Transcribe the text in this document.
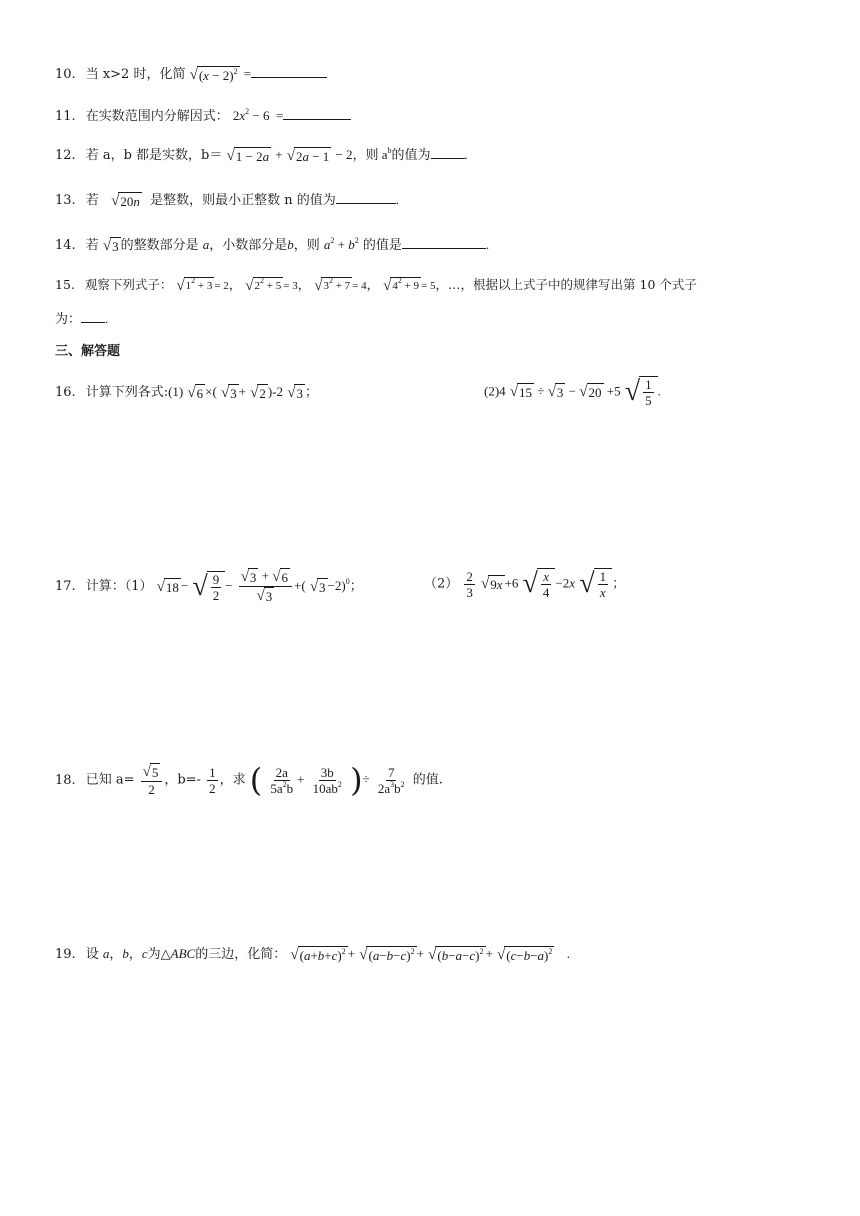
10. 当 x>2 时，化简 √ $(x - 2)^2$ =
11. 在实数范围内分解因式： $2x^2 - 6$  =
12. 若 a，b 都是实数，b＝ √ 1 − 2a + √ 2a − 1 − 2，则 $a^b$的值为	.
13. 若 √ 20n 是整数，则最小正整数 n 的值为	.
14. 若 √ 3 的整数部分是 a，小数部分是b，则 $a^2 + b^2$ 的值是	.
15. 观察下列式子： √ $1^2 + 3 = 2$， √ $2^2 + 5 = 3$， √ $3^2 + 7 = 4$， √ $4^2 + 9 = 5$，…，根据以上式子中的规律写出第 10 个式子
为： .
三、解答题
16. 计算下列各式:(1) √ 6 ×( √ 3 + √ 2 )-2 √ 3 ；	(2)4 √ 15 ÷ √ 3 − √ 20 +5 √ $\frac{1}{5}$ .
17. 计算：（1） √ 18 − √ $\frac{9}{2} - \frac{√ 3 + √ 6}{√ 3}$ +( √ 3 −2)$^0$；	$(2) \frac{2}{3}$
√ 9x +6 √ $\frac{x}{4} -2x$ √ $\frac{1}{x}$ ；
18. 已知 $a= \frac{√ 5}{2}$ ，$b=- \frac{1}{2}$ ，求 ( $\frac{2a}{5a^2b} + \frac{3b}{10ab^2}$ )÷ $\frac{7}{2a^3b^2}$ 的值.
19. 设 a，b，c为△ABC的三边，化简： √ $(a+b+c)^2$ + √ $(a-b-c)^2$ + √ $(b-a-c)^2$ + √ $(c-b-a)^2$ .
